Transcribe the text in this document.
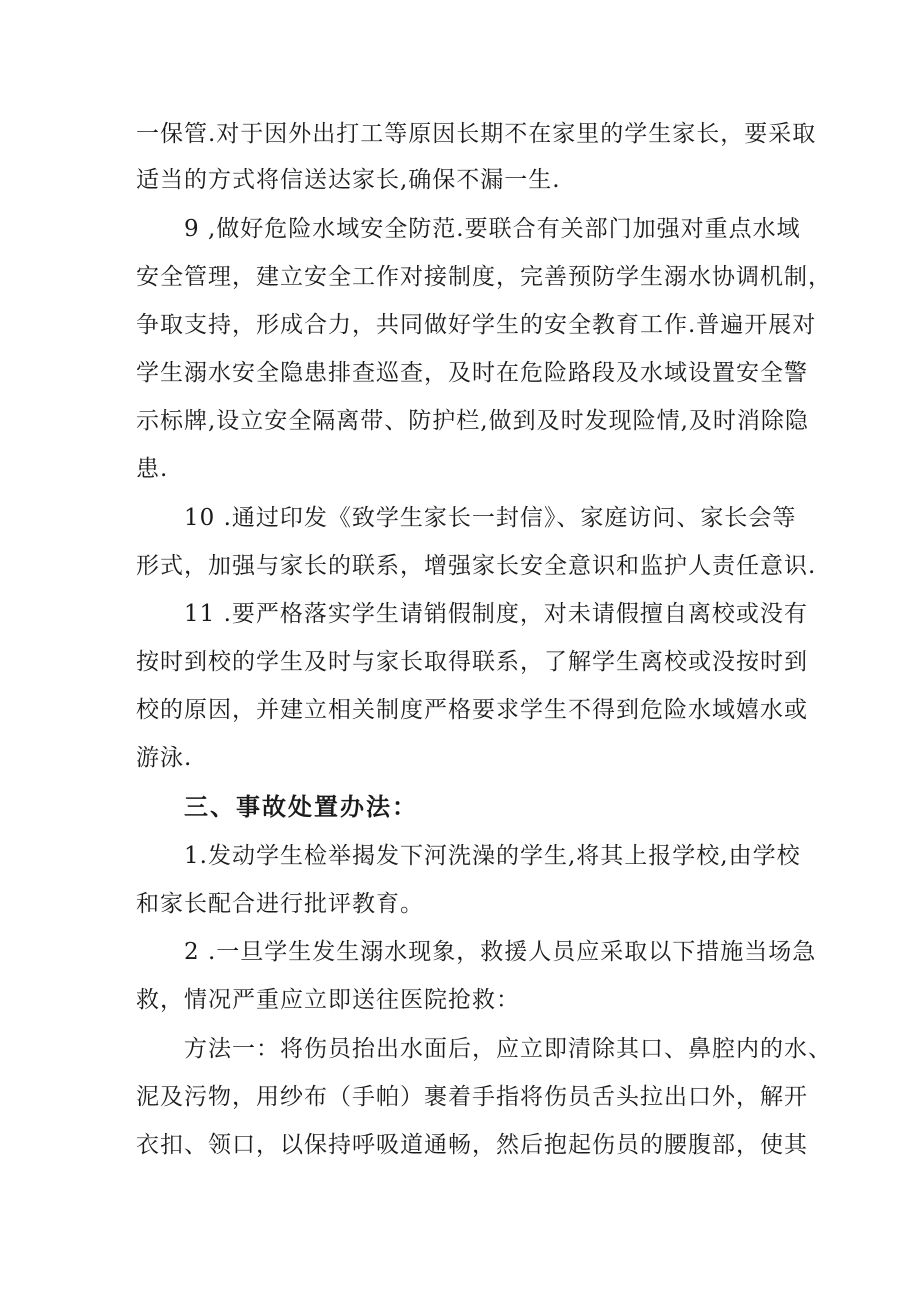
一保管.对于因外出打工等原因长期不在家里的学生家长，要采取
适当的方式将信送达家长,确保不漏一生.
9 ,做好危险水域安全防范.要联合有关部门加强对重点水域
安全管理，建立安全工作对接制度，完善预防学生溺水协调机制，
争取支持，形成合力，共同做好学生的安全教育工作.普遍开展对
学生溺水安全隐患排查巡查，及时在危险路段及水域设置安全警
示标牌,设立安全隔离带、防护栏,做到及时发现险情,及时消除隐
患.
10 .通过印发《致学生家长一封信》、家庭访问、家长会等
形式，加强与家长的联系，增强家长安全意识和监护人责任意识.
11 .要严格落实学生请销假制度，对未请假擅自离校或没有
按时到校的学生及时与家长取得联系，了解学生离校或没按时到
校的原因，并建立相关制度严格要求学生不得到危险水域嬉水或
游泳.
三、事故处置办法：
1.发动学生检举揭发下河洗澡的学生,将其上报学校,由学校
和家长配合进行批评教育。
2 .一旦学生发生溺水现象，救援人员应采取以下措施当场急
救，情况严重应立即送往医院抢救：
方法一：将伤员抬出水面后，应立即清除其口、鼻腔内的水、
泥及污物，用纱布（手帕）裹着手指将伤员舌头拉出口外，解开
衣扣、领口，以保持呼吸道通畅，然后抱起伤员的腰腹部，使其
